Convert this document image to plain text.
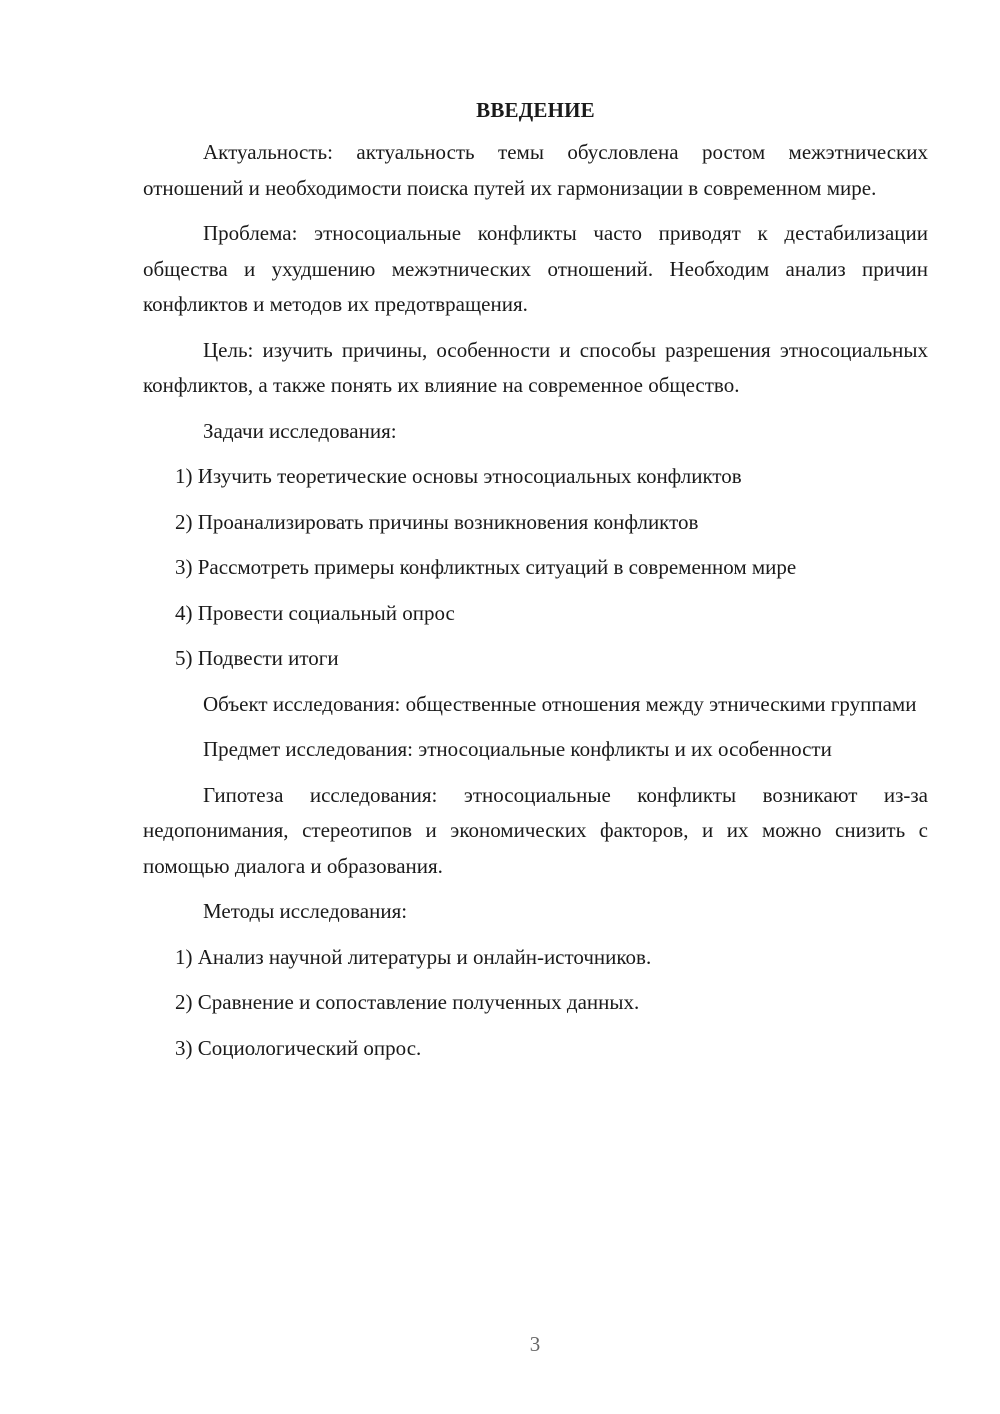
ВВЕДЕНИЕ

Актуальность: актуальность темы обусловлена ростом межэтнических отношений и необходимости поиска путей их гармонизации в современном мире.

Проблема: этносоциальные конфликты часто приводят к дестабилизации общества и ухудшению межэтнических отношений. Необходим анализ причин конфликтов и методов их предотвращения.

Цель: изучить причины, особенности и способы разрешения этносоциальных конфликтов, а также понять их влияние на современное общество.

Задачи исследования:

1) Изучить теоретические основы этносоциальных конфликтов
2) Проанализировать причины возникновения конфликтов
3) Рассмотреть примеры конфликтных ситуаций в современном мире
4) Провести социальный опрос
5) Подвести итоги

Объект исследования: общественные отношения между этническими группами

Предмет исследования: этносоциальные конфликты и их особенности

Гипотеза исследования: этносоциальные конфликты возникают из-за недопонимания, стереотипов и экономических факторов, и их можно снизить с помощью диалога и образования.

Методы исследования:

1) Анализ научной литературы и онлайн-источников.
2) Сравнение и сопоставление полученных данных.
3) Социологический опрос.
3
